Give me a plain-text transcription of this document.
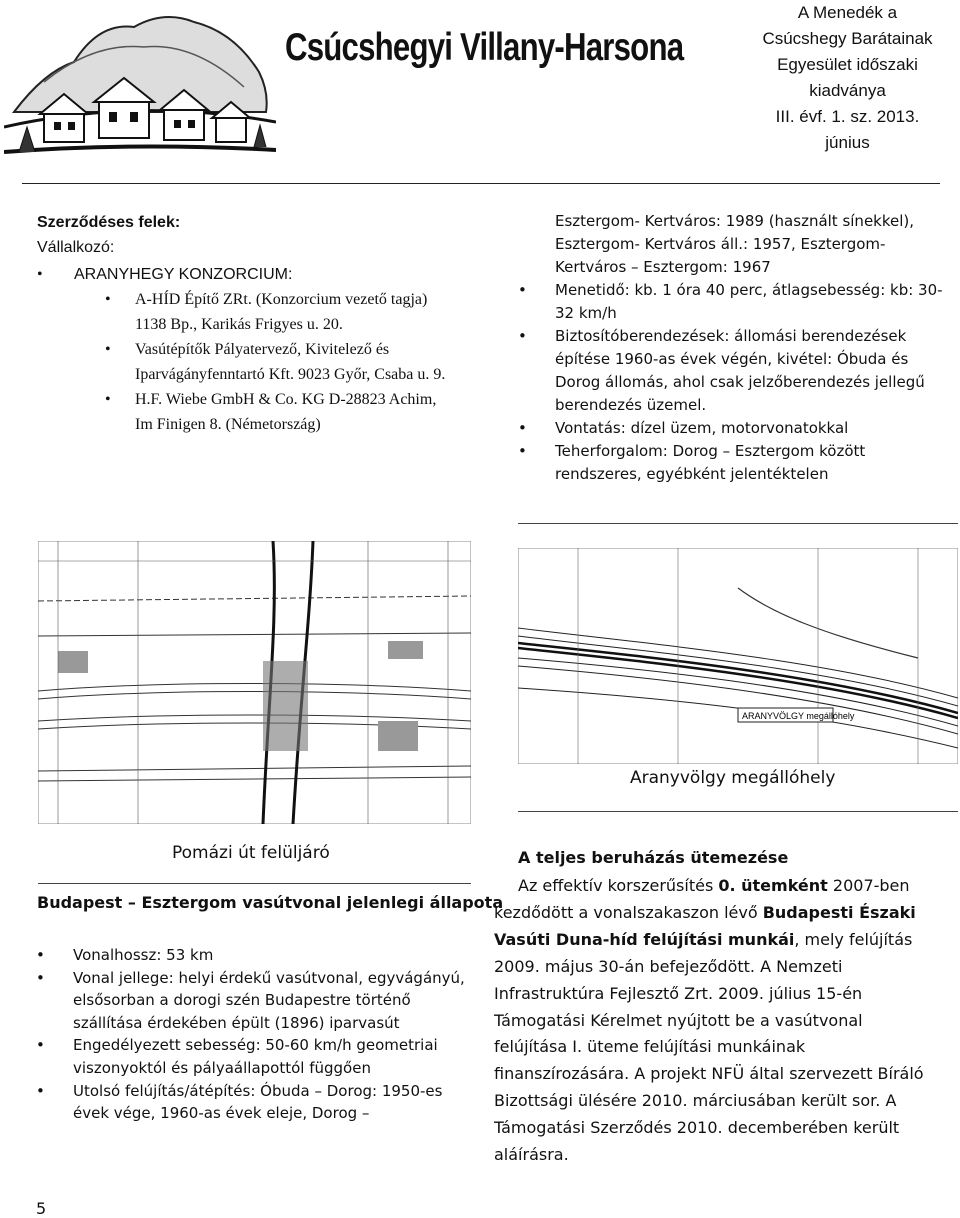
Csúcshegyi Villany-Harsona
A Menedék a
Csúcshegy Barátainak
Egyesület időszaki
kiadványa
III. évf. 1. sz. 2013.
június
Szerződéses felek:
Vállalkozó:
• ARANYHEGY KONZORCIUM:
• A-HÍD Építő ZRt. (Konzorcium vezető tagja) 1138 Bp., Karikás Frigyes u. 20.
• Vasútépítők Pályatervező, Kivitelező és Iparvágányfenntartó Kft. 9023 Győr, Csaba u. 9.
• H.F. Wiebe GmbH & Co. KG D-28823 Achim, Im Finigen 8. (Németország)
Esztergom- Kertváros: 1989 (használt sínekkel), Esztergom- Kertváros áll.: 1957, Esztergom-Kertváros – Esztergom: 1967
• Menetidő: kb. 1 óra 40 perc, átlagsebesség: kb: 30-32 km/h
• Biztosítóberendezések: állomási berendezések építése 1960-as évek végén, kivétel: Óbuda és Dorog állomás, ahol csak jelzőberendezés jellegű berendezés üzemel.
• Vontatás: dízel üzem, motorvonatokkal
• Teherforgalom: Dorog – Esztergom között rendszeres, egyébként jelentéktelen
ARANYVÖLGY megállóhely
Aranyvölgy megállóhely
Pomázi út felüljáró
Budapest – Esztergom vasútvonal jelenlegi állapota
• Vonalhossz: 53 km
• Vonal jellege: helyi érdekű vasútvonal, egyvágányú, elsősorban a dorogi szén Budapestre történő szállítása érdekében épült (1896) iparvasút
• Engedélyezett sebesség: 50-60 km/h geometriai viszonyoktól és pályaállapottól függően
• Utolsó felújítás/átépítés: Óbuda – Dorog: 1950-es évek vége, 1960-as évek eleje, Dorog –
A teljes beruházás ütemezése
Az effektív korszerűsítés 0. ütemként 2007-ben kezdődött a vonalszakaszon lévő Budapesti Északi Vasúti Duna-híd felújítási munkái, mely felújítás 2009. május 30-án befejeződött. A Nemzeti Infrastruktúra Fejlesztő Zrt. 2009. július 15-én Támogatási Kérelmet nyújtott be a vasútvonal felújítása I. üteme felújítási munkáinak finanszírozására. A projekt NFÜ által szervezett Bíráló Bizottsági ülésére 2010. márciusában került sor. A Támogatási Szerződés 2010. decemberében került aláírásra.
5
